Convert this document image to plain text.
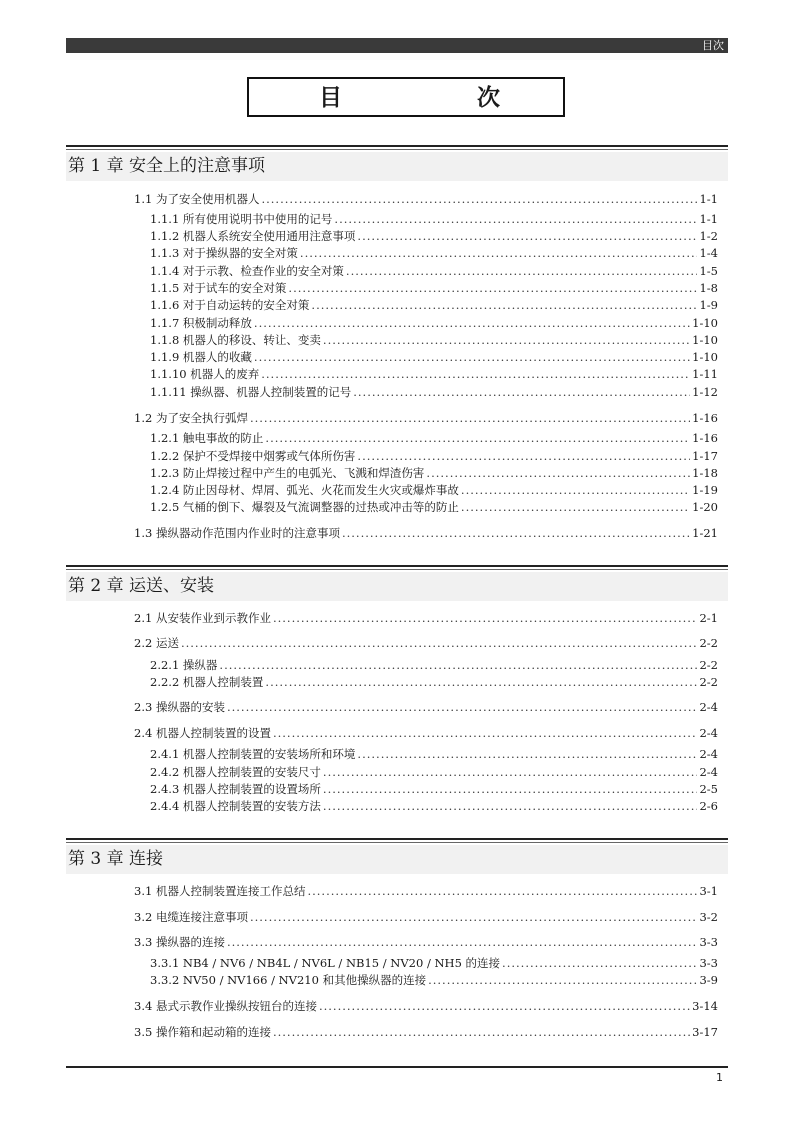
目次
目	次
第 1 章 安全上的注意事项
1.1 为了安全使用机器人 .....	1-1
1.1.1 所有使用说明书中使用的记号 .....	1-1
1.1.2 机器人系统安全使用通用注意事项 .....	1-2
1.1.3 对于操纵器的安全对策 .....	1-4
1.1.4 对于示教、检查作业的安全对策 .....	1-5
1.1.5 对于试车的安全对策 .....	1-8
1.1.6 对于自动运转的安全对策 .....	1-9
1.1.7 积极制动释放 .....	1-10
1.1.8 机器人的移设、转让、变卖 .....	1-10
1.1.9 机器人的收藏 .....	1-10
1.1.10 机器人的废弃 .....	1-11
1.1.11 操纵器、机器人控制装置的记号 .....	1-12
1.2 为了安全执行弧焊 .....	1-16
1.2.1 触电事故的防止 .....	1-16
1.2.2 保护不受焊接中烟雾或气体所伤害 .....	1-17
1.2.3 防止焊接过程中产生的电弧光、飞溅和焊渣伤害 .....	1-18
1.2.4 防止因母材、焊屑、弧光、火花而发生火灾或爆炸事故 .....	1-19
1.2.5 气桶的倒下、爆裂及气流调整器的过热或冲击等的防止 .....	1-20
1.3 操纵器动作范围内作业时的注意事项 .....	1-21
第 2 章 运送、安装
2.1 从安装作业到示教作业 .....	2-1
2.2 运送 .....	2-2
2.2.1 操纵器 .....	2-2
2.2.2 机器人控制装置 .....	2-2
2.3 操纵器的安装 .....	2-4
2.4 机器人控制装置的设置 .....	2-4
2.4.1 机器人控制装置的安装场所和环境 .....	2-4
2.4.2 机器人控制装置的安装尺寸 .....	2-4
2.4.3 机器人控制装置的设置场所 .....	2-5
2.4.4 机器人控制装置的安装方法 .....	2-6
第 3 章 连接
3.1 机器人控制装置连接工作总结 .....	3-1
3.2 电缆连接注意事项 .....	3-2
3.3 操纵器的连接 .....	3-3
3.3.1 NB4 / NV6 / NB4L / NV6L / NB15 / NV20 / NH5 的连接 .....	3-3
3.3.2 NV50 / NV166 / NV210 和其他操纵器的连接 .....	3-9
3.4 悬式示教作业操纵按钮台的连接 .....	3-14
3.5 操作箱和起动箱的连接 .....	3-17
1
